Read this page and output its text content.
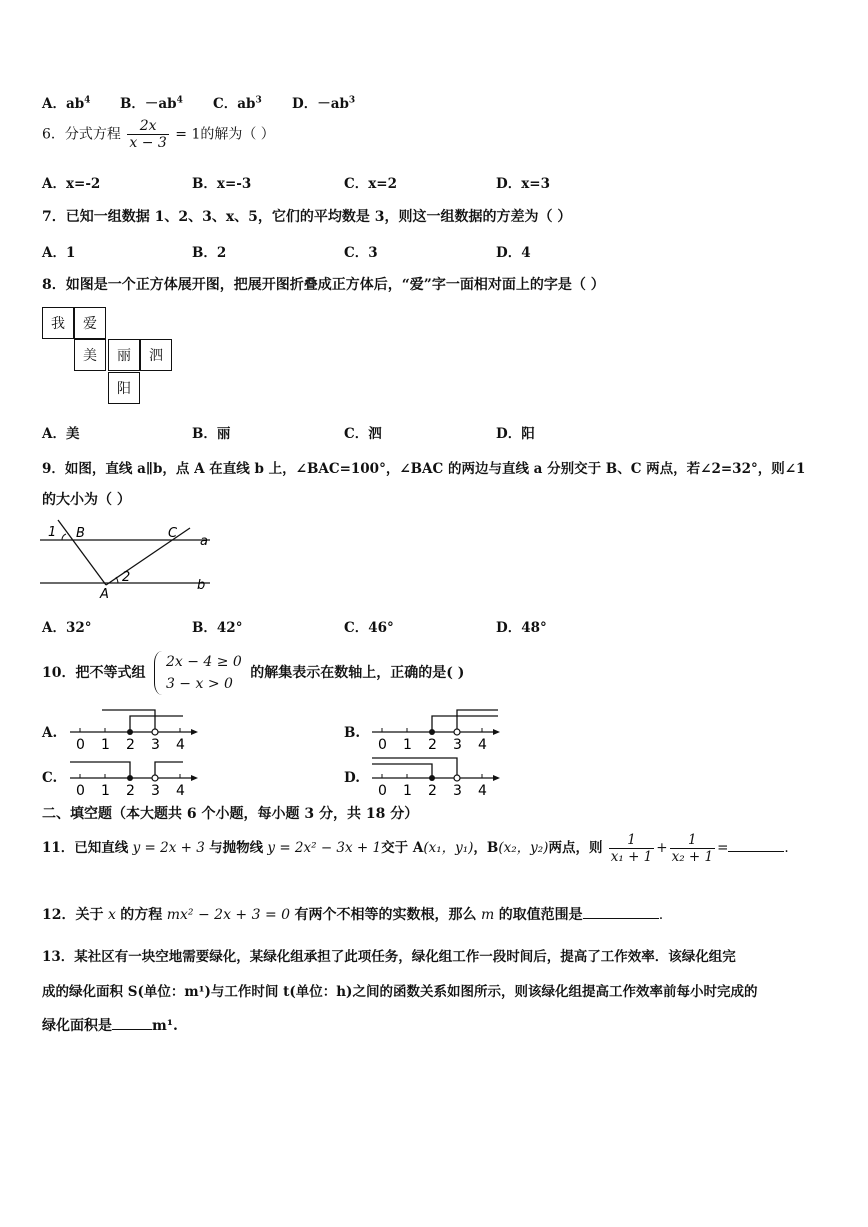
A．$ab^4$ B．$-ab^4$ C．$ab^3$ D．$-ab^3$
6．分式方程 $\frac{2x}{x - 3} = 1$的解为（ ）
A．x=-2	B．x=-3	C．x=2	D．x=3
7．已知一组数据 1、2、3、x、5，它们的平均数是 3，则这一组数据的方差为（ ）
A．1	B．2	C．3	D．4
8．如图是一个正方体展开图，把展开图折叠成正方体后，“爱”字一面相对面上的字是（ ）
我	爱
美	丽	泗
阳
A．美	B．丽	C．泗	D．阳
9．如图，直线 a∥b，点 A 在直线 b 上，∠BAC=100°，∠BAC 的两边与直线 a 分别交于 B、C 两点，若∠2=32°，则∠1
的大小为（ ）
1 B	C
a
2
A
b
A．32°	B．42°	C．46°	D．48°
10．把不等式组
2x − 4 ≥ 0
3 − x > 0
的解集表示在数轴上，正确的是( )
A.
0 1 2 3 4
B.
0 1 2 3 4
C.
0 1 2 3 4
D.
0 1 2 3 4
二、填空题（本大题共 6 个小题，每小题 3 分，共 18 分）
11．已知直线 y = 2x + 3 与抛物线 y = 2x² − 3x + 1交于 A(x₁，y₁)，B(x₂，y₂)两点，则 $\frac{1}{\text{x₁ + 1}} + \frac{1}{\text{x₂ + 1}}$ =	.
12．关于 x 的方程 mx² − 2x + 3 = 0 有两个不相等的实数根，那么 m 的取值范围是	.
13．某社区有一块空地需要绿化，某绿化组承担了此项任务，绿化组工作一段时间后，提高了工作效率．该绿化组完
成的绿化面积 S(单位：m¹)与工作时间 t(单位：h)之间的函数关系如图所示，则该绿化组提高工作效率前每小时完成的
绿化面积是	m¹.
